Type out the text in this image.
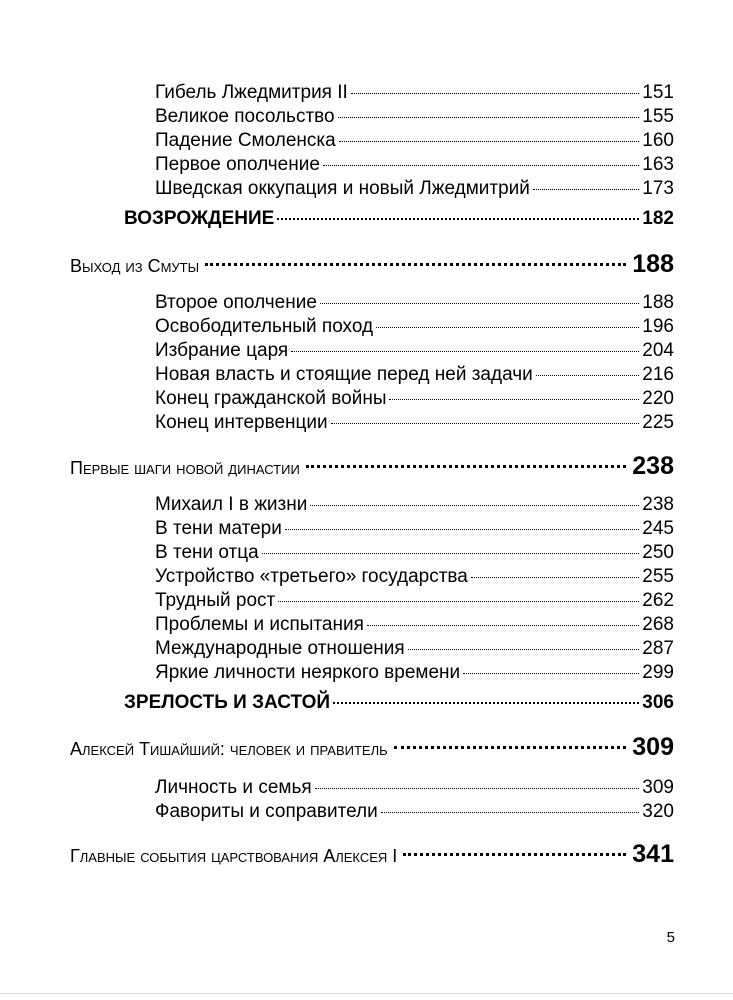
Гибель Лжедмитрия II	151
Великое посольство	155
Падение Смоленска	160
Первое ополчение	163
Шведская оккупация и новый Лжедмитрий	173
ВОЗРОЖДЕНИЕ	182
Выход из Смуты	188
Второе ополчение	188
Освободительный поход	196
Избрание царя	204
Новая власть и стоящие перед ней задачи	216
Конец гражданской войны	220
Конец интервенции	225
Первые шаги новой династии	238
Михаил I в жизни	238
В тени матери	245
В тени отца	250
Устройство «третьего» государства	255
Трудный рост	262
Проблемы и испытания	268
Международные отношения	287
Яркие личности неяркого времени	299
ЗРЕЛОСТЬ И ЗАСТОЙ	306
Алексей Тишайший: человек и правитель	309
Личность и семья	309
Фавориты и соправители	320
Главные события царствования Алексея I	341
5
